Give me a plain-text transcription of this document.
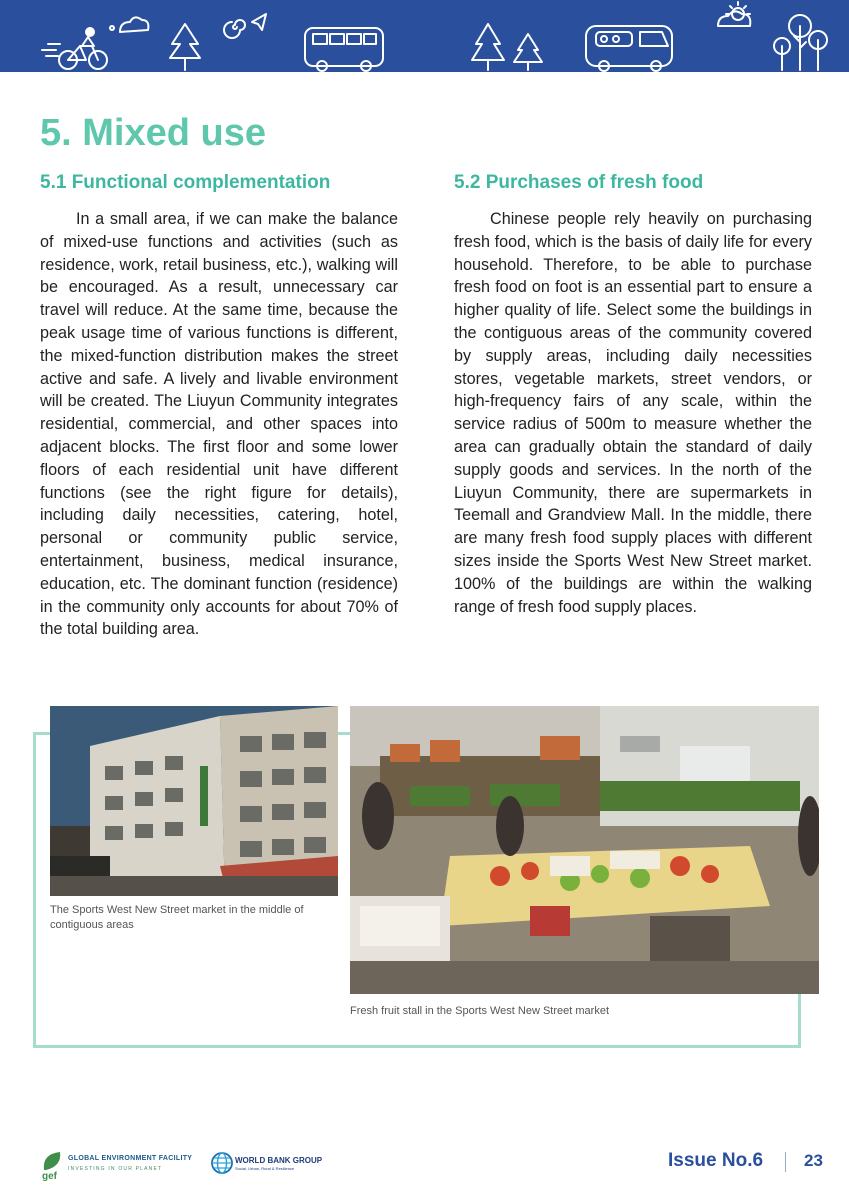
5. Mixed use
5.1 Functional complementation

In a small area, if we can make the balance of mixed-use functions and activities (such as residence, work, retail business, etc.), walking will be encouraged. As a result, unnecessary car travel will reduce. At the same time, because the peak usage time of various functions is different, the mixed-function distribution makes the street active and safe. A lively and livable environment will be created. The Liuyun Community integrates residential, commercial, and other spaces into adjacent blocks. The first floor and some lower floors of each residential unit have different functions (see the right figure for details), including daily necessities, catering, hotel, personal or community public service, entertainment, business, medical insurance, education, etc. The dominant function (residence) in the community only accounts for about 70% of the total building area.

5.2 Purchases of fresh food

Chinese people rely heavily on purchasing fresh food, which is the basis of daily life for every household. Therefore, to be able to purchase fresh food on foot is an essential part to ensure a higher quality of life. Select some the buildings in the contiguous areas of the community covered by supply areas, including daily necessities stores, vegetable markets, street vendors, or high-frequency fairs of any scale, within the service radius of 500m to measure whether the area can gradually obtain the standard of daily supply goods and services. In the north of the Liuyun Community, there are supermarkets in Teemall and Grandview Mall. In the middle, there are many fresh food supply places with different sizes inside the Sports West New Street market. 100% of the buildings are within the walking range of fresh food supply places.

The Sports West New Street market in the middle of contiguous areas

Fresh fruit stall in the Sports West New Street market

gef
GLOBAL ENVIRONMENT FACILITY
INVESTING IN OUR PLANET
WORLD BANK GROUP
Social, Urban, Rural & Resilience	Issue No.6 23
